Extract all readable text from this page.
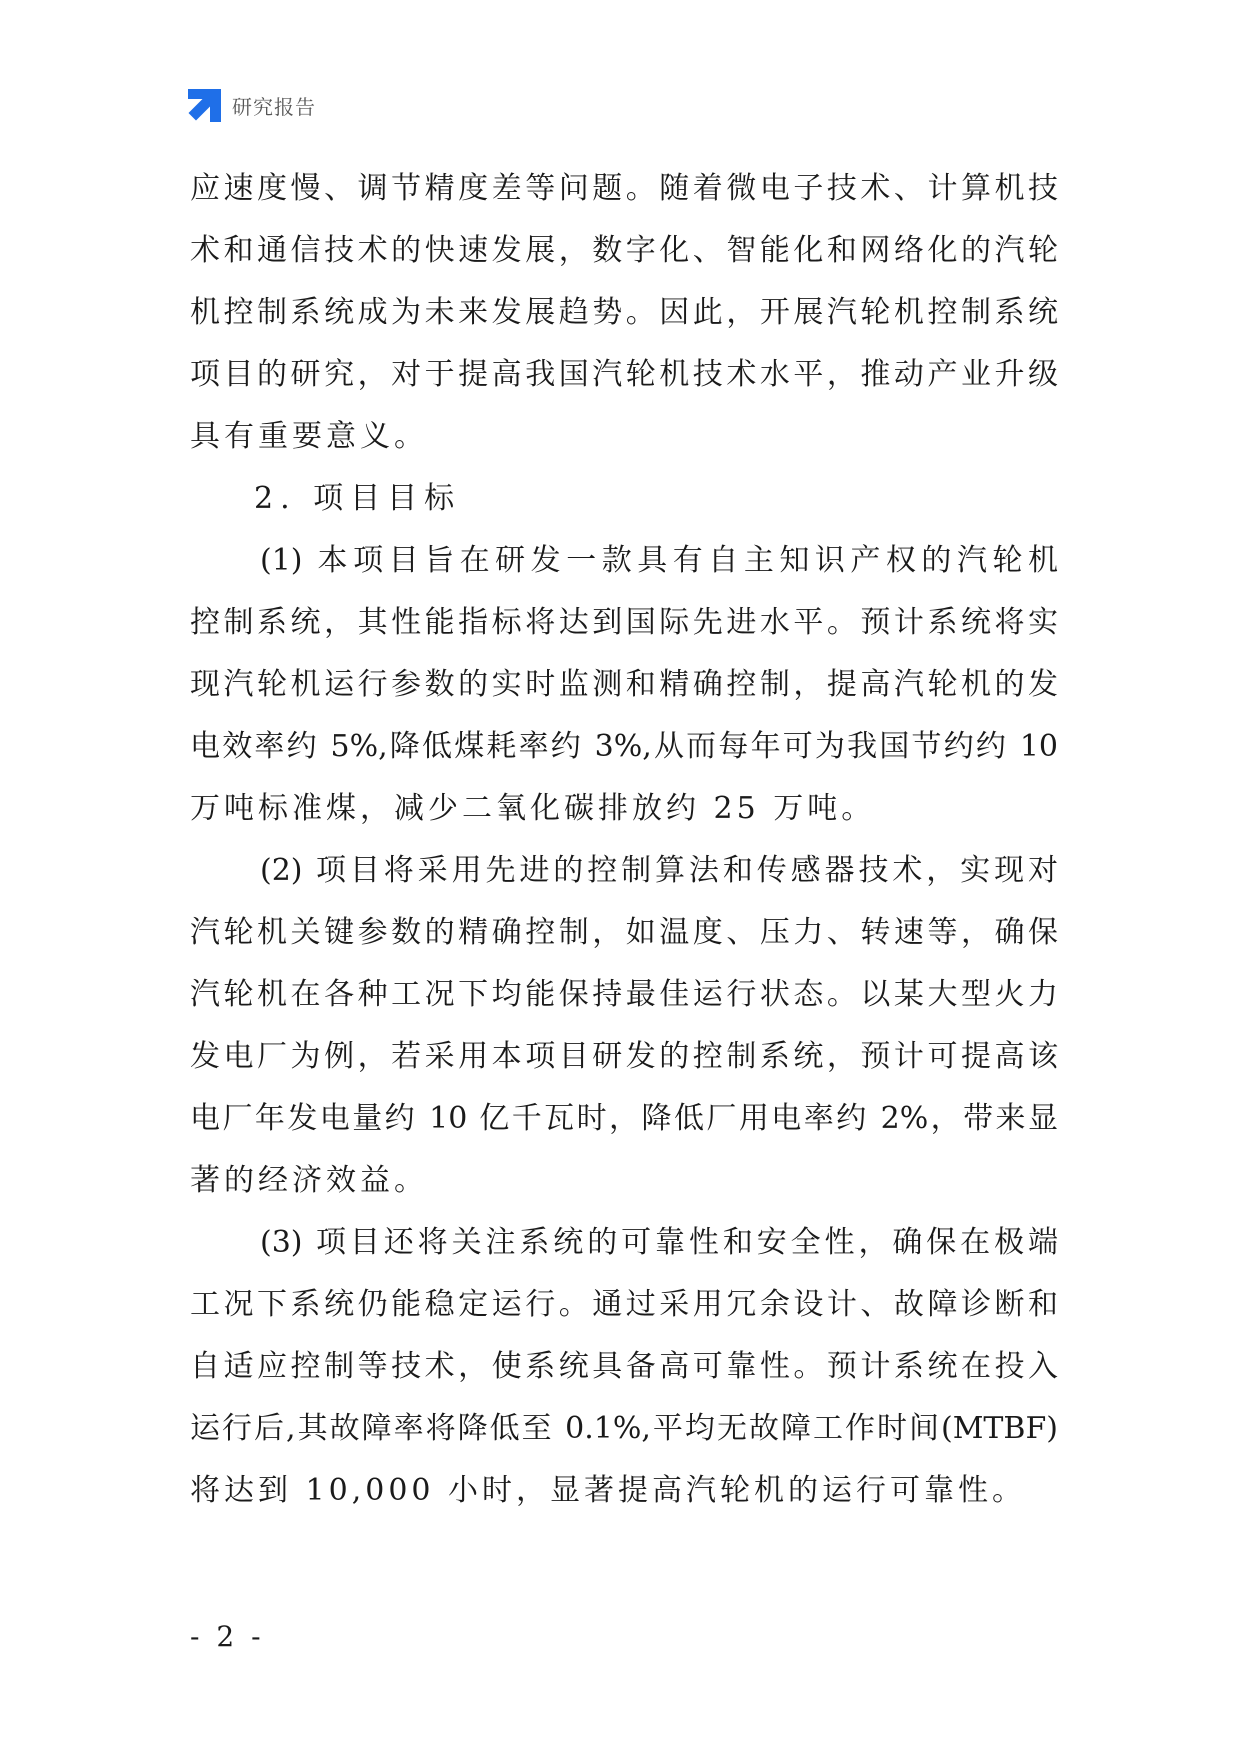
研究报告
应速度慢、调节精度差等问题。随着微电子技术、计算机技
术和通信技术的快速发展，数字化、智能化和网络化的汽轮
机控制系统成为未来发展趋势。因此，开展汽轮机控制系统
项目的研究，对于提高我国汽轮机技术水平，推动产业升级
具有重要意义。
2. 项目目标
(1) 本项目旨在研发一款具有自主知识产权的汽轮机
控制系统，其性能指标将达到国际先进水平。预计系统将实
现汽轮机运行参数的实时监测和精确控制，提高汽轮机的发
电效率约 5%,降低煤耗率约 3%,从而每年可为我国节约约 10
万吨标准煤，减少二氧化碳排放约 25 万吨。
(2) 项目将采用先进的控制算法和传感器技术，实现对
汽轮机关键参数的精确控制，如温度、压力、转速等，确保
汽轮机在各种工况下均能保持最佳运行状态。以某大型火力
发电厂为例，若采用本项目研发的控制系统，预计可提高该
电厂年发电量约 10 亿千瓦时，降低厂用电率约 2%，带来显
著的经济效益。
(3) 项目还将关注系统的可靠性和安全性，确保在极端
工况下系统仍能稳定运行。通过采用冗余设计、故障诊断和
自适应控制等技术，使系统具备高可靠性。预计系统在投入
运行后,其故障率将降低至 0.1%,平均无故障工作时间(MTBF)
将达到 10,000 小时，显著提高汽轮机的运行可靠性。
- 2 -
